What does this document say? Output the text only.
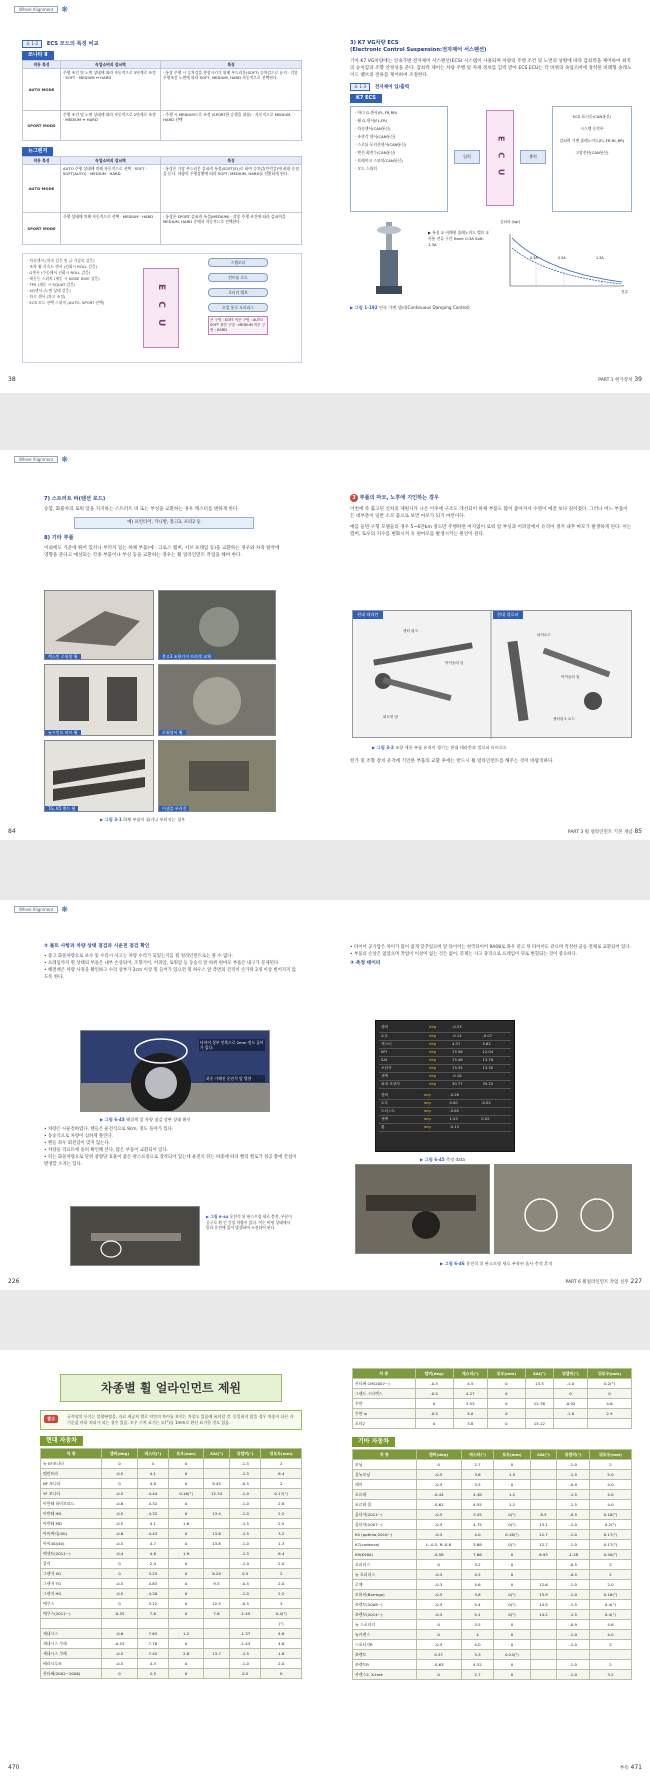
Wheel Alignment	❋
표 1-2 ECS 모드의 특징 비교
쏘나타 Ⅱ
작동 특성	속업소버의 감쇠력	특징
AUTO MODE	주행 조건 및 노면 상태에 따라 자동적으로 3단계로 조정 · SOFT · MEDIUM ↔ HARD	· 통상 주행 시 승차감을 향상시키기 위해 부드러운(SOFT) 승차감으로 유지 · 각종 주행조건 노면에 따라 SOFT, MEDIUM, HARD 자동적으로 선택된다.
SPORT MODE	주행 조건 및 노면 상태에 따라 자동적으로 2단계로 조정 · MEDIUM ↔ HARD	· 주행 시 MEDIUM으로 조정 (SPORT한 승행을 위함) · 자동적으로 MEDIUM, HARD 선택
뉴그랜저
작동 특성	속업소버의 감쇠력	특징
AUTO MODE	AUTO 주행 상태에 의해 자동적으로 선택 · SOFT · SOFT(AUTO) · MEDIUM · HARD	· 통상은 가장 부드러운 감쇠력 특성(SOFT(E))로 하여 승차감(안락감)에 최대 중점을 둔다. 차량의 주행상황에 따라 SOFT, MEDIUM, HARD를 전환하게 된다.
SPORT MODE	주행 상태에 의해 자동적으로 선택 · MEDIUM · HARD	· 통상은 SPORT 감쇠력 특성(MEDIUM) · 각종 주행 조건에 따라 감쇠력을 MEDIUM, HARD 중에서 자동적으로 선택한다.
· 차속센서 (차속 감응 및 급·가감속 감응)
· 조향 휠 각속도 센서 (선회시 ROLL 감응)
· G센서 (수동에서 선회시 ROLL 감응)
· 제동등 스위치 (제동 시 NOSE DIVE 감응)
· TPS (제동 시 SQUAT 감응)
· 4G센서 (노면 상태 감응)
· 차고 센서 (차고 조정)
· ECS 모드 선택 스위치 (AUTO, SPORT 선택)	E C U
스텝모터
컨트롤 로드
로터리 밸브
오일 통로 오리피스
큰 구멍 : SOFT 작은 구멍 : AUTO SOFT 중간 구멍 : MEDIUM 작은 구멍 : HARD
38
3) K7 VG차량 ECS
(Electronic Control Suspension:전자제어 서스펜션)
기아 K7 VG차량에는 연속가변 전자제어 서스펜션(ECS) 시스템이 사용되며 차량의 주행 조건 및 노면의 상황에 따라 감쇠력을 제어하여 최적의 승차감과 조향 안정성을 준다. 감쇠력 제어는 차량 주행 및 자세 정보를 입력 받아 ECS ECU는 각 바퀴의 속업소버에 장착된 비례형 솔레노이드 밸브의 전류를 제어하여 조절한다.
표 1-3 전자제어 입/출력
K7 ECS
· 바디 G-센서(FL,FR,RR)
· 휠 G-센서(FL,FR)
· 차속센서(CAN통신)
· 조향각 센서(CAN통신)
· 스로틀 포지션센서(CAN통신)
· 엔진 회전수(CAN통신)
· 브레이크 스위치(CAN통신)
· 모드 스위치
입력	E C U	출력
ECS 표시등(CAN통신)
시스템 동작부
감쇠력 가변 솔레노이드(FL,FR,RL,RR)
고장진단(CAN통신)
▶ 특징 ① 비례형 솔레노이드 밸브 ② 사용 전류 구간 Hard: 0.3A Soft: 1.3A
감쇠력 (kgf)
0.3A	0.5A	1.3A
전류
▶ 그림 1-192 연속 가변 댐퍼(Continuous Damping Control)
PART 1 현가장치 39
Wheel Alignment	❋
7) 스트러트 바(텐션 로드)
승합, 화물차의 로워 암을 지지하는 스트러트 바 또는 부싱을 교환하는 경우 캐스터를 변하게 한다.
예) 프런티어, 카니발, 봉고3, 포터2 등
8) 기타 부품
이외에도 기준에 뛰어 있지나 부러져 있는 하체 부품(예 : 크로스 멤버, 서브 프레임 등)을 교환하는 경우와 차축 탈착에 영향을 준다고 예상되는 각종 부품이나 부싱 등을 교환하는 경우는 휠 얼라인먼트 작업을 해야 한다.
렉스턴 로워암 휠	봉고3 조향기어 브라켓 교체
뉴프런도 허브 휠	로워암이 휠
TG, K5 밴드 휠	어셈블 부러진
▶ 그림 3-1 하체 부품이 휘거나 부러지는 경우
84
3 부품의 마모, 노후에 기인하는 경우
이번에 즉 출고된 신차의 제원사가 나온 이후에 구조도 개선되어 하체 부품도 많이 좋아져서 수명이 예전 보다 길어졌다. 그러나 여느 부품이든 대부분이 일반 소모 품으로 보면 마모가 되기 마련이다.
예를 들면 구형 모델들의 경우 5~6만km 정도만 주행하면 여지없이 로워 암 부싱과 어퍼암에서 유격이 생겨 내추 마모가 발생하게 된다. 이는 캠버, 토우의 지수를 변화시켜 유 편마모를 발생시키는 원인이 된다.
현대 테라칸	현대 갤로퍼
센터 링크
아이들러 암
타이로드
피트먼 암
아이들러 암
센터링크 로드
▶ 그림 3-2 조향 계통 부품 유격이 생기는 현대 테라칸과 갤로퍼 타이로드
헌가 및 조향 장치 유격에 기인한 부품의 교환 후에는 반드시 휠 얼라인먼트를 해주는 것이 바람직하다.
PART 3 휠 얼라인먼트 기본 개념 85
Wheel Alignment	❋
② 볼트 사항과 차량 상태 점검과 시운전 점검 확인
• 중고 화물차량으로 보수 및 수리시 사고는 차량 수리가 되었는지를 휠 얼라인먼트로는 볼 수 없다.
• 프레임까지 휜 상태의 부품은 내부 손상되어, 조향기어, 어퍼암, 로워암 등 동승석 앞 바퀴 편마모 부품은 내구가 문제된다.
• 해결책은 차량 사정을 확인하고 수리 상부가 2cm 이상 휠 들어가 있으면 휠 하우스 앞 측면의 간격이 손가락 2개 이상 벌어지지 않도록 한다.
타이어 상부 인측으로 2mm 정도 들어가 있다.
하중 가해진 운전석 앞 방향
▶ 그림 6-43 해결책 앞 차량 점검 상판 상태 확인
• 차량은 시운전하였다, 핸들은 운전석으로 9cm, 정도 돌아가 있다.
• 동승석으로 차량이 심하게 쏠린다.
• 핸들 좌우 회전감이 맞지 않는다.
• 차량을 리프트에 올려 확인해 본다, 많은 부품이 교환되어 있다.
• 뒤는 화물차량으로 단위 중량당 효율이 좋은 판스프링으로 장착되어 있는데 운전석 뒤는 하중에 따라 빨리 밸로가 성공 쫑에 간섭이 발생할 소지는 있다.
▶ 그림 6-44 운전석 뒤 판스프링 새로 충전, 부분이 공구로 휜 인 간섭 차량이 있다. 이는 버핑 상태에서 얼라 운전에 있어 발생하여 소진되어 된다.
226
• 타이어 공기압은 차이가 많이 없게 맞추었으며 앞 타이어는 한국타이어 RA08로 좌우 같고 뒤 타이어도 같으며 적정한 균등 전체로 교환되어 있다.
• 부품의 손상은 없었으며 작업이 이상이 없는 것은 없어, 문제는 사고 충격으로 프레임이 뒤로 변형되는 것이 중요하다.
③ 측정 데이터
캠버	deg	-0.53	
토우	deg	-0.15	-0.07
캐스터	deg	4.37	5.82
KPI	deg	13.56	12.04
SAI	deg	13.46	13.76
포함각	deg	13.35	13.30
셋백	deg	-0.18	
최대 조향각	deg	30.77	35.25
캠버	deg	-0.26	
토우	deg	0.00	-0.02
트러스트	deg	-0.65	
셋백	deg	1.53	0.02
휠	deg	-0.13	
▶ 그림 6-45 측정 data
▶ 그림 6-46 운전석 뒤 판스프링 새로 부착된 흙사 충격 흔적
PART 6 휠얼라인먼트 작업 실무 227
차종별 휠 얼라인먼트 제원
참고	규격상의 등기는 불량판정을. 자료 제공처 별로 약간의 차이를 보이는 차종도 있음에 유의할 것. 동일하지 않을 경우 차종이 다른 자 기준값 마하 처리가 되는 경우 있음. 토우 수치 표기는 도(°)를 1mm로 환산 표기한 것도 있음.
현대 자동차
차 종	캠버(deg)	캐스터(°)	토우(mm)	SAI(°)	뒤캠버(°)	뒤토우(mm)
뉴 EF쏘나타	0	4	0		-1.5	2
엘란트라	-0.5	4.1	0		-1.5	6.4
NF 쏘나타	0	4.8	0	9.45	-0.5	2
YF 쏘나타	-0.5	4.44	0.16(°)	12.34	-1.0	0.17(°)
아반떼 하이브리드	-0.6	4.32	0		-1.0	2.8
아반떼 HD	-0.5	4.32	0	13.4	-1.0	2.2
아반떼 MD	-0.5	4.1	1.6		-1.5	2.5
아이써티(i30)	-0.6	4.43	0	13.6	-1.5	3.2
아이40(i40)	-0.5	4.7	0	13.8	-1.0	1.3
엑센트(2011~)	-0.4	4.8	1.9		-1.5	6.4
클릭	0	2.4	0		-1.0	2.0
그랜저 XG	0	3.25	0	8.29	0.5	2
그랜저 TG	-0.5	4.83	0	9.5	-0.5	2.0
그랜저 HG	-0.5	4.28	0		-1.0	2.2
에쿠스	0	3.12	0	12.5	-0.5	3
에쿠스(2011~)	-0.55	7.8	0	7.6	-1.45	0.4(°)
						(°)
제네시스	-0.6	7.63	1.2		-1.37	4.8
제네시스 쿠페	-0.53	7.78	0		-1.43	4.8
제네시스 쿠페	-0.5	7.45	2.8	13.7	-1.5	1.8
베라크루즈	-0.5	4.3	0		-1.0	2.0
산타페(2002~2006)	0	2.5	0		0.5	0
470
차 종	캠버(deg)	캐스터(°)	토우(mm)	SAI(°)	뒤캠버(°)	뒤토우(mm)
산타페 CM(2007~)	-0.5	4.5	0	13.3	-1.0	0.2(°)
그랜드 스타렉스	-0.5	4.27	0		0	0
투싼	0	3.53	0	12.76	-0.92	4.6
투싼 ix	-0.5	4.0	0		-1.0	2.5
포터2	0	3.8	0	15.12		
기아 자동차
차 종	캠버(deg)	캐스터(°)	토우(mm)	SAI(°)	뒤캠버(°)	뒤토우(mm)
모닝	0	2.7	0		-1.0	2
올뉴모닝	-0.5	3.6	1.5		-1.5	5.0
레이	-0.5	3.5	0		-0.9	4.0
포르테	-0.44	4.38	1.2		-1.5	4.0
포르테 쿱	-0.61	4.55	1.2		-1.5	4.0
옵티마(2011~)	-0.5	3.25	0(°)	8.5	-0.5	0.18(°)
옵티마(2007~)	-0.5	4.75	0(°)	13.1	-1.0	0.2(°)
K5 (optima,2010~)	-0.5	4.0	0.16(°)	12.7	-1.0	0.17(°)
K7(cadenza)	L:-0.5, R:-0.8	3.88	0(°)	12.7	-1.0	0.17(°)
K9(K900)	-0.58	7.86	0	6.93	-1.28	0.40(°)
오피러스	0	3.2	0		-0.5	2
뉴 오피러스	-0.5	4.5	0		-0.5	2
로체	-0.3	4.6	0	12.6	-1.0	2.0
모하비(Borrego)	-0.5	3.8	0(°)	13.9	-1.0	0.16(°)
쏘렌토(2008~)	-0.5	5.4	0(°)	14.5	-1.5	0.4(°)
쏘렌토(2014~)	-0.5	5.1	0(°)	14.2	-1.5	0.4(°)
뉴 스포티지	0	3.5	0		-0.9	4.6
뉴카렌스	0	4	0		-1.0	4.0
스포티지R	-0.5	4.0	0		-1.0	2
쏘렌토	0.37	3.3	0.24(°)			
쏘렌토R	-0.63	4.52	0		-1.0	2
카렌스2, X-trek	0	2.7	0		-1.0	3.2
부록 471
